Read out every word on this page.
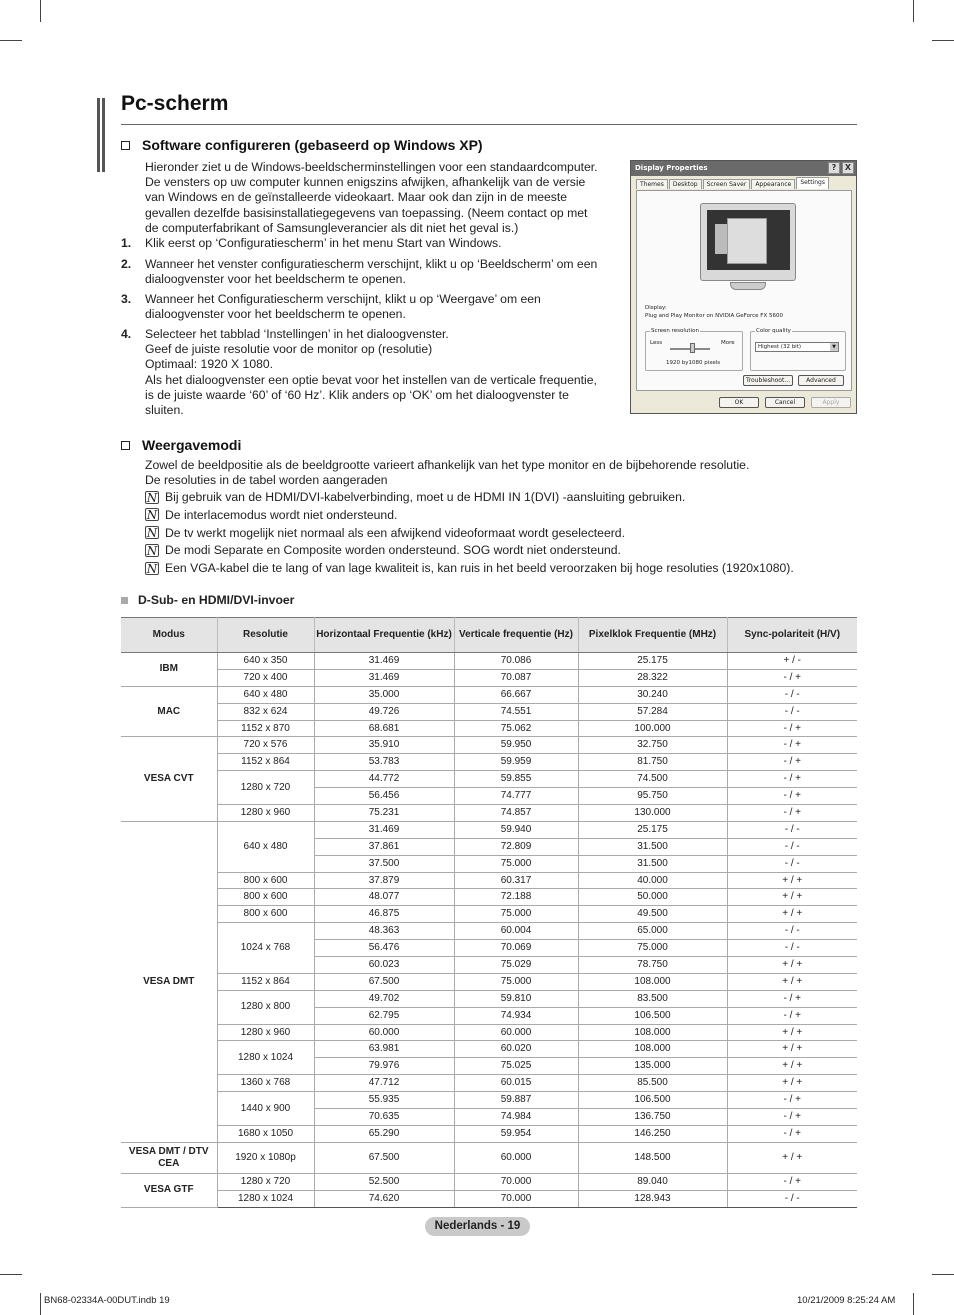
Pc-scherm
Software configureren (gebaseerd op Windows XP)
Hieronder ziet u de Windows-beeldscherminstellingen voor een standaardcomputer.
De vensters op uw computer kunnen enigszins afwijken, afhankelijk van de versie
van Windows en de geïnstalleerde videokaart. Maar ook dan zijn in de meeste
gevallen dezelfde basisinstallatiegegevens van toepassing. (Neem contact op met
de computerfabrikant of Samsungleverancier als dit niet het geval is.)
1.	Klik eerst op ‘Configuratiescherm’ in het menu Start van Windows.
2.	Wanneer het venster configuratiescherm verschijnt, klikt u op ‘Beeldscherm’ om een
dialoogvenster voor het beeldscherm te openen.
3.	Wanneer het Configuratiescherm verschijnt, klikt u op ‘Weergave’ om een
dialoogvenster voor het beeldscherm te openen.
4.	Selecteer het tabblad ‘Instellingen’ in het dialoogvenster.
Geef de juiste resolutie voor de monitor op (resolutie)
Optimaal: 1920 X 1080.
Als het dialoogvenster een optie bevat voor het instellen van de verticale frequentie,
is de juiste waarde ‘60’ of ‘60 Hz’. Klik anders op ‘OK’ om het dialoogvenster te
sluiten.
Display Properties	?	X
Themes	Desktop	Screen Saver	Appearance	Settings
Display:
Plug and Play Monitor on NVIDIA GeForce FX 5600
Screen resolution
Less	More
1920 by1080 pixels
Color quality
Highest (32 bit)	▼
Troubleshoot...	Advanced
OK	Cancel	Apply
Weergavemodi
Zowel de beeldpositie als de beeldgrootte varieert afhankelijk van het type monitor en de bijbehorende resolutie.
De resoluties in de tabel worden aangeraden
N Bij gebruik van de HDMI/DVI-kabelverbinding, moet u de HDMI IN 1(DVI) -aansluiting gebruiken.
N De interlacemodus wordt niet ondersteund.
N De tv werkt mogelijk niet normaal als een afwijkend videoformaat wordt geselecteerd.
N De modi Separate en Composite worden ondersteund. SOG wordt niet ondersteund.
N Een VGA-kabel die te lang of van lage kwaliteit is, kan ruis in het beeld veroorzaken bij hoge resoluties (1920x1080).
D-Sub- en HDMI/DVI-invoer
Modus	Resolutie	Horizontaal Frequentie (kHz)	Verticale frequentie (Hz)	Pixelklok Frequentie (MHz)	Sync-polariteit (H/V)
IBM	640 x 350	31.469	70.086	25.175	+ / -
	720 x 400	31.469	70.087	28.322	- / +
MAC	640 x 480	35.000	66.667	30.240	- / -
	832 x 624	49.726	74.551	57.284	- / -
	1152 x 870	68.681	75.062	100.000	- / +
VESA CVT	720 x 576	35.910	59.950	32.750	- / +
	1152 x 864	53.783	59.959	81.750	- / +
	1280 x 720	44.772	59.855	74.500	- / +
		56.456	74.777	95.750	- / +
	1280 x 960	75.231	74.857	130.000	- / +
VESA DMT	640 x 480	31.469	59.940	25.175	- / -
		37.861	72.809	31.500	- / -
		37.500	75.000	31.500	- / -
	800 x 600	37.879	60.317	40.000	+ / +
	800 x 600	48.077	72.188	50.000	+ / +
	800 x 600	46.875	75.000	49.500	+ / +
	1024 x 768	48.363	60.004	65.000	- / -
		56.476	70.069	75.000	- / -
		60.023	75.029	78.750	+ / +
	1152 x 864	67.500	75.000	108.000	+ / +
	1280 x 800	49.702	59.810	83.500	- / +
		62.795	74.934	106.500	- / +
	1280 x 960	60.000	60.000	108.000	+ / +
	1280 x 1024	63.981	60.020	108.000	+ / +
		79.976	75.025	135.000	+ / +
	1360 x 768	47.712	60.015	85.500	+ / +
	1440 x 900	55.935	59.887	106.500	- / +
		70.635	74.984	136.750	- / +
	1680 x 1050	65.290	59.954	146.250	- / +
VESA DMT / DTV CEA	1920 x 1080p	67.500	60.000	148.500	+ / +
VESA GTF	1280 x 720	52.500	70.000	89.040	- / +
	1280 x 1024	74.620	70.000	128.943	- / -
Nederlands - 19
BN68-02334A-00DUT.indb 19	10/21/2009 8:25:24 AM
